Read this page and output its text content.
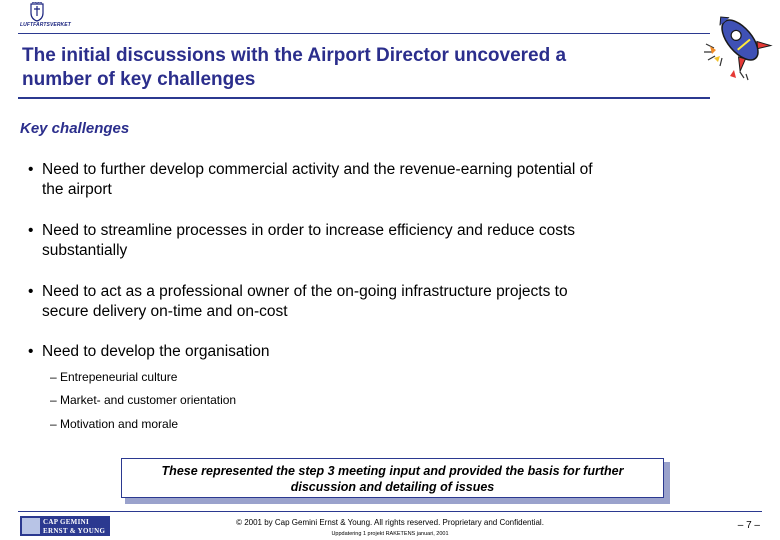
LUFTFARTSVERKET
The initial discussions with the Airport Director uncovered a
number of key challenges
Key challenges
• Need to further develop commercial activity and the revenue-earning potential of
the airport
• Need to streamline processes in order to increase efficiency and reduce costs
substantially
• Need to act as a professional owner of the on-going infrastructure projects to
secure delivery on-time and on-cost
• Need to develop the organisation
– Entrepeneurial culture
– Market- and customer orientation
– Motivation and morale
These represented the step 3 meeting input and provided the basis for further
discussion and detailing of issues
CAP GEMINI
ERNST & YOUNG
© 2001 by Cap Gemini Ernst & Young. All rights reserved. Proprietary and Confidential.
Uppdatering 1 projekt RAKETENS januari, 2001
– 7 –
